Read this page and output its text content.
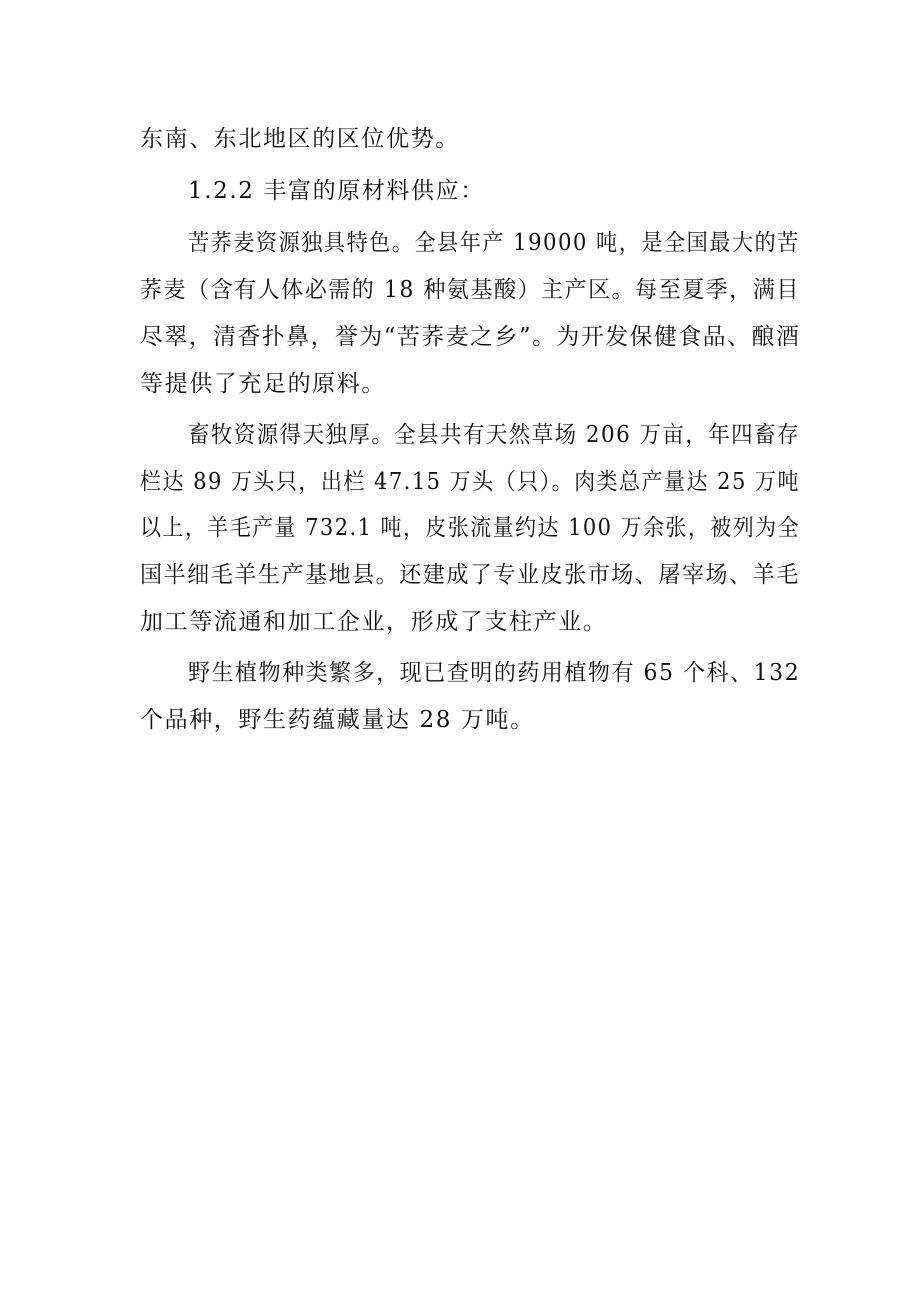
东南、东北地区的区位优势。
1.2.2 丰富的原材料供应：
苦荞麦资源独具特色。全县年产 19000 吨，是全国最大的苦
荞麦（含有人体必需的 18 种氨基酸）主产区。每至夏季，满目
尽翠，清香扑鼻，誉为“苦荞麦之乡”。为开发保健食品、酿酒
等提供了充足的原料。
畜牧资源得天独厚。全县共有天然草场 206 万亩，年四畜存
栏达 89 万头只，出栏 47.15 万头（只）。肉类总产量达 25 万吨
以上，羊毛产量 732.1 吨，皮张流量约达 100 万余张，被列为全
国半细毛羊生产基地县。还建成了专业皮张市场、屠宰场、羊毛
加工等流通和加工企业，形成了支柱产业。
野生植物种类繁多，现已查明的药用植物有 65 个科、132
个品种，野生药蕴藏量达 28 万吨。
